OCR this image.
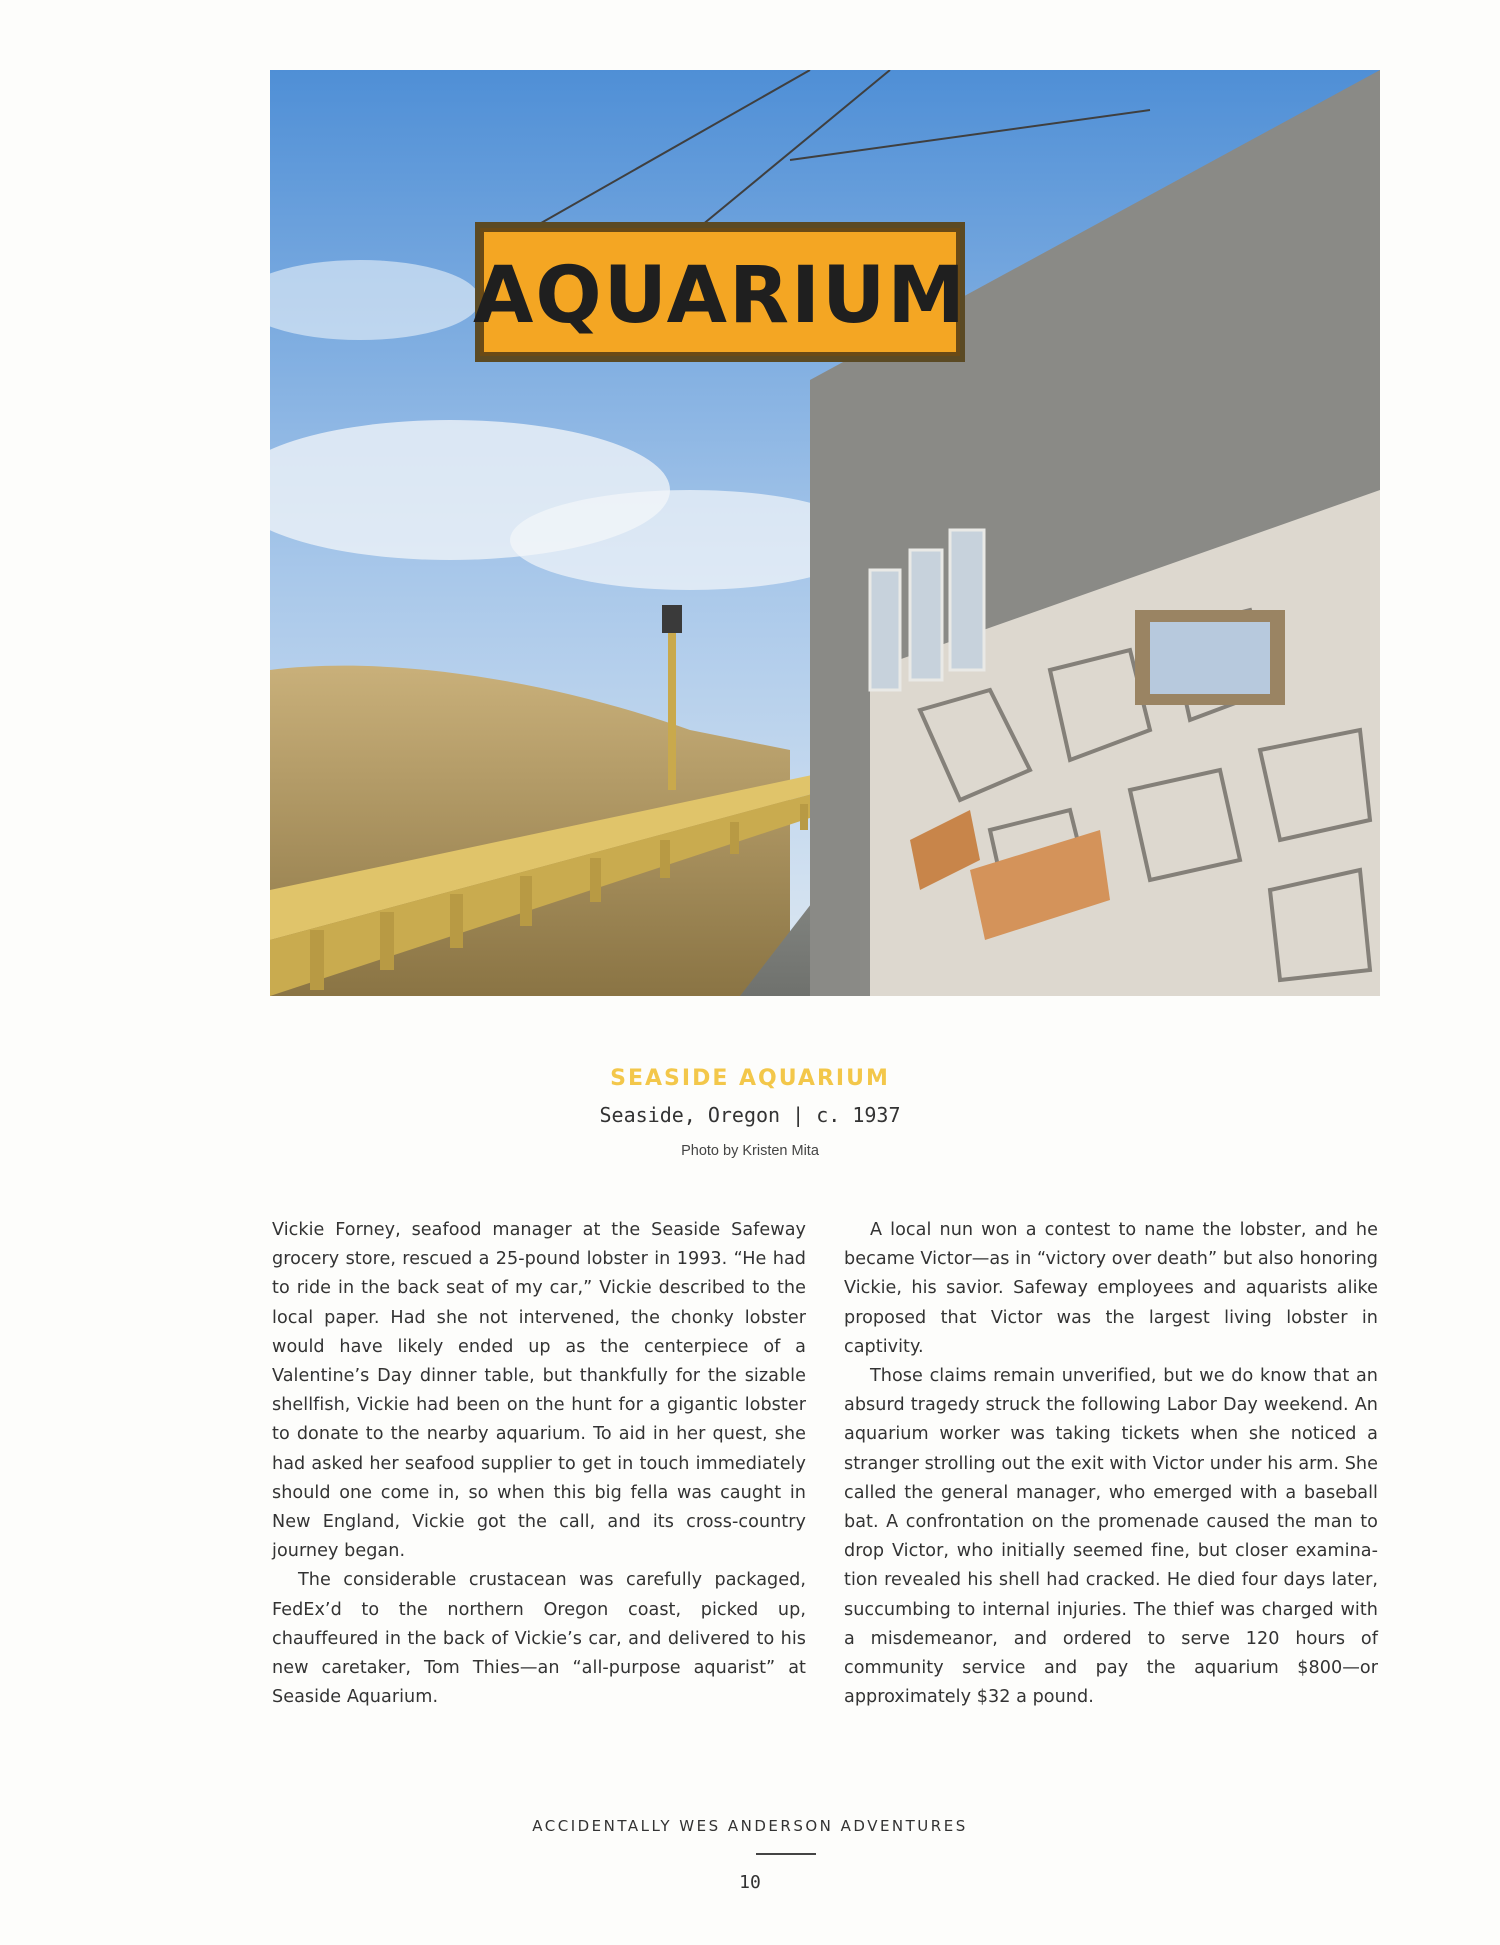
AQUARIUM
SEASIDE AQUARIUM
Seaside, Oregon | c. 1937
Photo by Kristen Mita

Vickie Forney, seafood manager at the Seaside Safeway grocery store, rescued a 25-pound lobster in 1993. “He had to ride in the back seat of my car,” Vickie described to the local paper. Had she not intervened, the chonky lobster would have likely ended up as the centerpiece of a Valentine’s Day dinner table, but thankfully for the sizable shellfish, Vickie had been on the hunt for a gigantic lobster to donate to the nearby aquarium. To aid in her quest, she had asked her seafood supplier to get in touch immediately should one come in, so when this big fella was caught in New England, Vickie got the call, and its cross-country journey began.

The considerable crustacean was carefully packaged, FedEx’d to the northern Oregon coast, picked up, chauffeured in the back of Vickie’s car, and delivered to his new caretaker, Tom Thies—an “all-purpose aquarist” at Seaside Aquarium.

A local nun won a contest to name the lobster, and he became Victor—as in “victory over death” but also honoring Vickie, his savior. Safeway employees and aquarists alike proposed that Victor was the largest living lobster in captivity.

Those claims remain unverified, but we do know that an absurd tragedy struck the following Labor Day weekend. An aquarium worker was taking tickets when she noticed a stranger strolling out the exit with Victor under his arm. She called the general manager, who emerged with a baseball bat. A confrontation on the promenade caused the man to drop Victor, who initially seemed fine, but closer examination revealed his shell had cracked. He died four days later, succumbing to internal injuries. The thief was charged with a misdemeanor, and ordered to serve 120 hours of community service and pay the aquarium $800—or approximately $32 a pound.

ACCIDENTALLY WES ANDERSON ADVENTURES
10
